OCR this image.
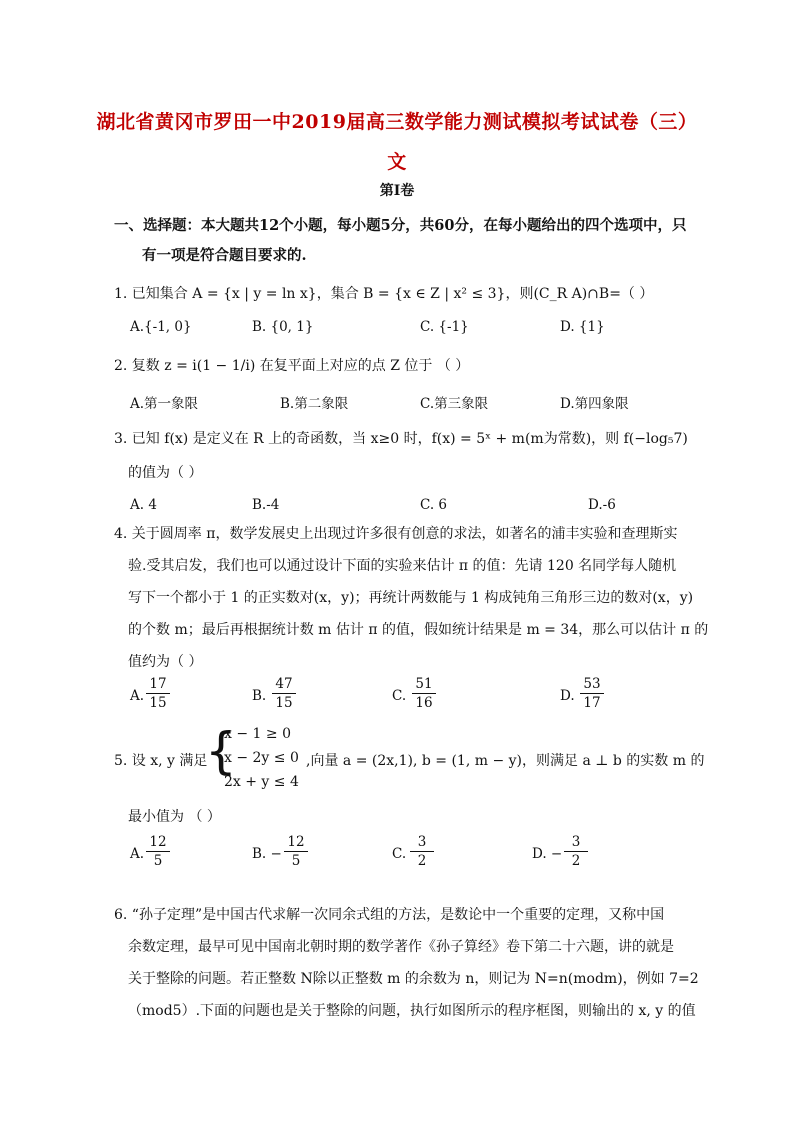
湖北省黄冈市罗田一中2019届高三数学能力测试模拟考试试卷（三）
文
第Ⅰ卷
一、选择题：本大题共12个小题，每小题5分，共60分，在每小题给出的四个选项中，只
有一项是符合题目要求的.
1. 已知集合 A = {x | y = ln x}，集合 B = {x ∈ Z | x² ≤ 3}，则(C_R A)∩B=（ ）
A.{-1, 0}	B. {0, 1}	C. {-1}	D. {1}
2. 复数 z = i(1 − 1/i) 在复平面上对应的点 Z 位于 （ ）
A.第一象限	B.第二象限	C.第三象限	D.第四象限
3. 已知 f(x) 是定义在 R 上的奇函数，当 x≥0 时，f(x) = 5ˣ + m(m为常数)，则 f(−log₅7)
的值为（ ）
A. 4	B.-4	C. 6	D.-6
4. 关于圆周率 π，数学发展史上出现过许多很有创意的求法，如著名的浦丰实验和查理斯实
验.受其启发，我们也可以通过设计下面的实验来估计 π 的值：先请 120 名同学每人随机
写下一个都小于 1 的正实数对(x，y)；再统计两数能与 1 构成钝角三角形三边的数对(x，y)
的个数 m；最后再根据统计数 m 估计 π 的值，假如统计结果是 m = 34，那么可以估计 π 的
值约为（ ）
A. $\frac{17}{15}$	B. $\frac{47}{15}$	C. $\frac{51}{16}$	D. $\frac{53}{17}$
5. 设 x, y 满足
{
x − 1 ≥ 0
x − 2y ≤ 0
2x + y ≤ 4
,向量 a = (2x,1), b = (1, m − y)，则满足 a ⊥ b 的实数 m 的
最小值为 （ ）
A. $\frac{12}{5}$	B. − $\frac{12}{5}$	C. $\frac{3}{2}$	D. − $\frac{3}{2}$
6. “孙子定理”是中国古代求解一次同余式组的方法，是数论中一个重要的定理，又称中国
余数定理，最早可见中国南北朝时期的数学著作《孙子算经》卷下第二十六题，讲的就是
关于整除的问题。若正整数 N除以正整数 m 的余数为 n，则记为 N=n(modm)，例如 7=2
（mod5）.下面的问题也是关于整除的问题，执行如图所示的程序框图，则输出的 x, y 的值
